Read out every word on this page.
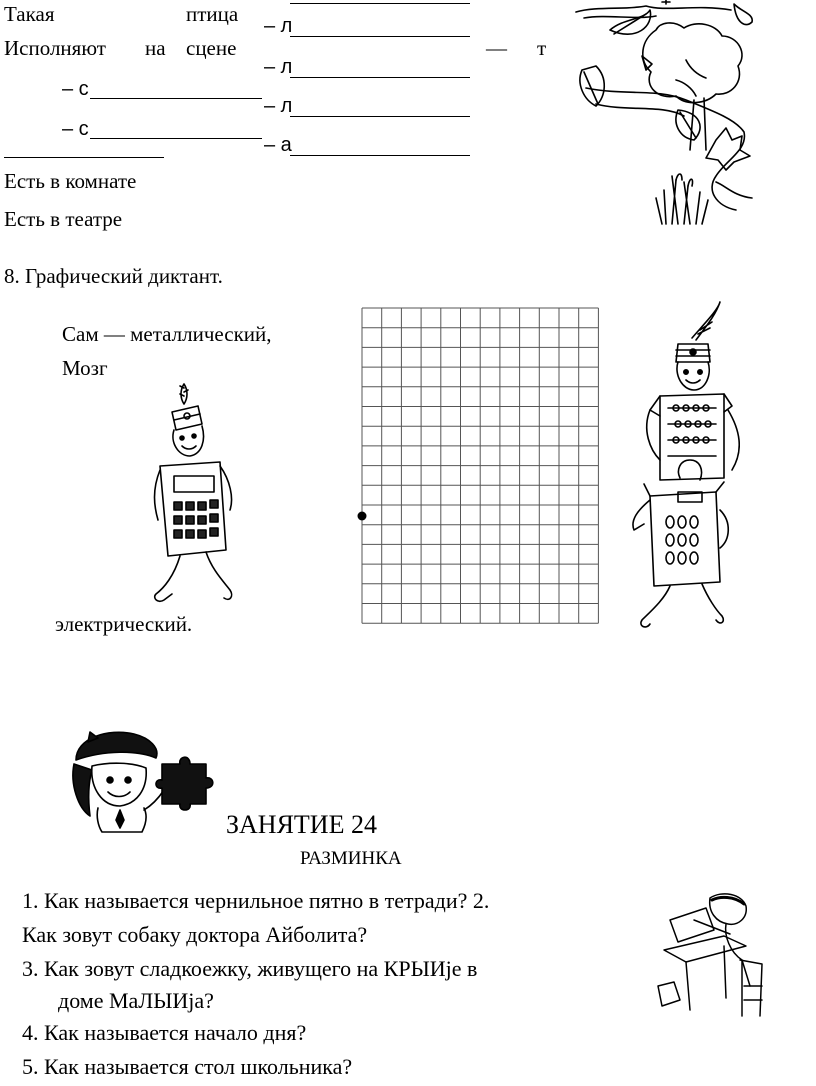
Такая	птица
Исполняют на сцене	— т
– л
– л
– л
– а
– с
– с
Есть в комнате
Есть в театре
8. Графический диктант.
Сам — металлический,
Мозг
электрический.
ЗАНЯТИЕ 24
РАЗМИНКА
1. Как называется чернильное пятно в тетради? 2.
Как зовут собаку доктора Айболита?
3. Как зовут сладкоежку, живущего на КРЫИје в
доме МаЛЫИја?
4. Как называется начало дня?
5. Как называется стол школьника?
